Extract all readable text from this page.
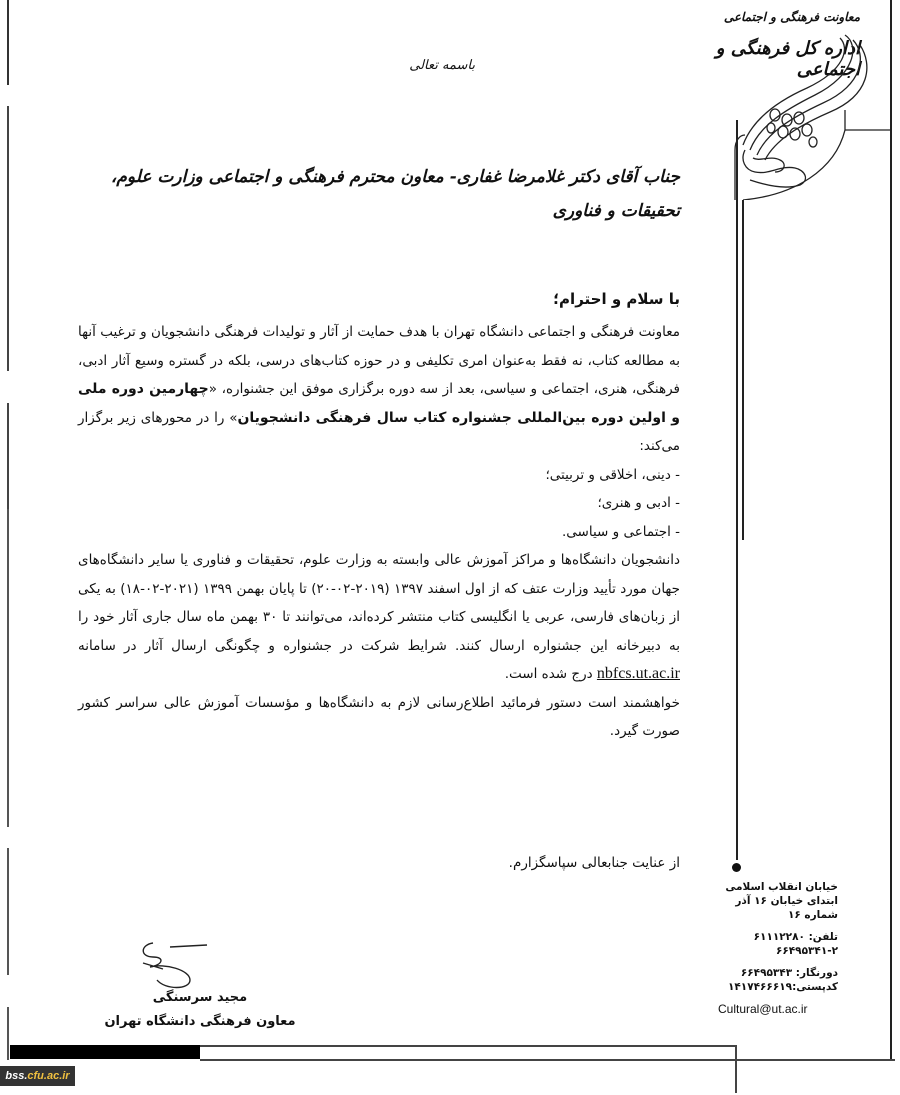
معاونت فرهنگی و اجتماعی
اداره کل فرهنگی و اجتماعی
باسمه تعالی
جناب آقای دکتر غلامرضا غفاری- معاون محترم فرهنگی و اجتماعی وزارت علوم،
تحقیقات و فناوری
با سلام و احترام؛

معاونت فرهنگی و اجتماعی دانشگاه تهران با هدف حمایت از آثار و تولیدات فرهنگی دانشجویان و ترغیب آنها به مطالعه کتاب، نه فقط به‌عنوان امری تکلیفی و در حوزه کتاب‌های درسی، بلکه در گستره وسیع آثار ادبی، فرهنگی، هنری، اجتماعی و سیاسی، بعد از سه دوره برگزاری موفق این جشنواره، «چهارمین دوره ملی و اولین دوره بین‌المللی جشنواره کتاب سال فرهنگی دانشجویان» را در محورهای زیر برگزار می‌کند:

- دینی، اخلاقی و تربیتی؛

- ادبی و هنری؛

- اجتماعی و سیاسی.

دانشجویان دانشگاه‌ها و مراکز آموزش عالی وابسته به وزارت علوم، تحقیقات و فناوری یا سایر دانشگاه‌های جهان مورد تأیید وزارت عتف که از اول اسفند ۱۳۹۷ (۲۰۱۹-۰۲-۲۰) تا پایان بهمن ۱۳۹۹ (۲۰۲۱-۰۲-۱۸) به یکی از زبان‌های فارسی، عربی یا انگلیسی کتاب منتشر کرده‌اند، می‌توانند تا ۳۰ بهمن ماه سال جاری آثار خود را به دبیرخانه این جشنواره ارسال کنند. شرایط شرکت در جشنواره و چگونگی ارسال آثار در سامانه nbfcs.ut.ac.ir درج شده است.

خواهشمند است دستور فرمائید اطلاع‌رسانی لازم به دانشگاه‌ها و مؤسسات آموزش عالی سراسر کشور صورت گیرد.

از عنایت جنابعالی سپاسگزارم.
مجید سرسنگی
معاون فرهنگی دانشگاه تهران
خیابان انقلاب اسلامی
ابتدای خیابان ۱۶ آذر
شماره ۱۶
تلفن: ۶۱۱۱۲۲۸۰
۶۶۴۹۵۳۴۱-۲
دورنگار: ۶۶۴۹۵۳۴۳
کدپستی:۱۴۱۷۴۶۶۶۱۹
Cultural@ut.ac.ir
bss.cfu.ac.ir
